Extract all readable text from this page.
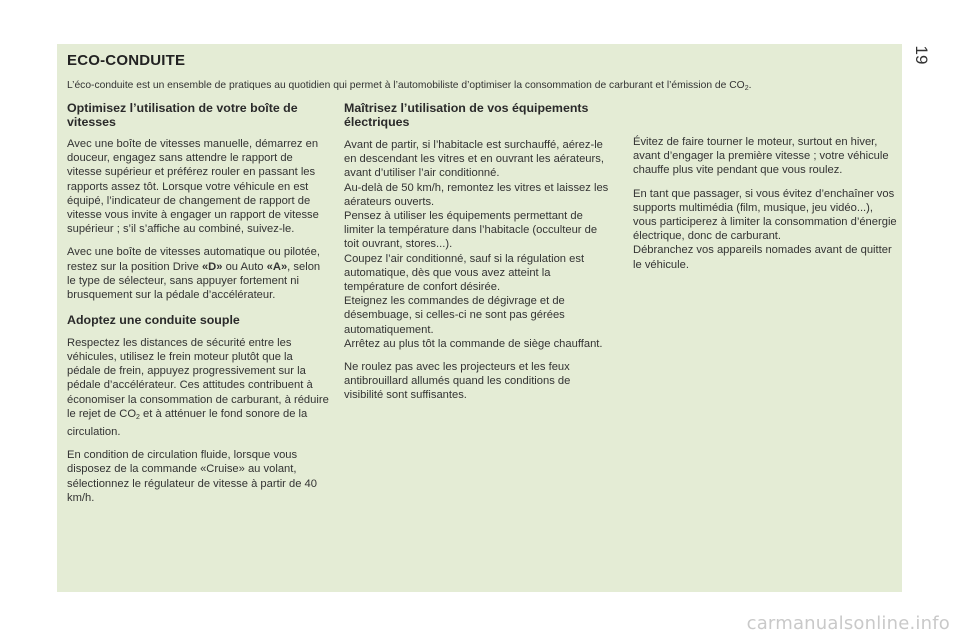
19
ECO-CONDUITE

L’éco-conduite est un ensemble de pratiques au quotidien qui permet à l’automobiliste d’optimiser la consommation de carburant et l’émission de $CO_2$.

Optimisez l’utilisation de votre boîte de vitesses

Avec une boîte de vitesses manuelle, démarrez en douceur, engagez sans attendre le rapport de vitesse supérieur et préférez rouler en passant les rapports assez tôt. Lorsque votre véhicule en est équipé, l’indicateur de changement de rapport de vitesse vous invite à engager un rapport de vitesse supérieur ; s’il s’affiche au combiné, suivez-le.

Avec une boîte de vitesses automatique ou pilotée, restez sur la position Drive «D» ou Auto «A», selon le type de sélecteur, sans appuyer fortement ni brusquement sur la pédale d’accélérateur.

Adoptez une conduite souple

Respectez les distances de sécurité entre les véhicules, utilisez le frein moteur plutôt que la pédale de frein, appuyez progressivement sur la pédale d’accélérateur. Ces attitudes contribuent à économiser la consommation de carburant, à réduire le rejet de $CO_2$ et à atténuer le fond sonore de la circulation.

En condition de circulation fluide, lorsque vous disposez de la commande «Cruise» au volant, sélectionnez le régulateur de vitesse à partir de 40 km/h.

Maîtrisez l’utilisation de vos équipements électriques
Avant de partir, si l’habitacle est surchauffé, aérez-le en descendant les vitres et en ouvrant les aérateurs, avant d’utiliser l’air conditionné.
Au-delà de 50 km/h, remontez les vitres et laissez les aérateurs ouverts.
Pensez à utiliser les équipements permettant de limiter la température dans l’habitacle (occulteur de toit ouvrant, stores...).
Coupez l’air conditionné, sauf si la régulation est automatique, dès que vous avez atteint la température de confort désirée.
Eteignez les commandes de dégivrage et de désembuage, si celles-ci ne sont pas gérées automatiquement.
Arrêtez au plus tôt la commande de siège chauffant.

Ne roulez pas avec les projecteurs et les feux antibrouillard allumés quand les conditions de visibilité sont suffisantes.

Évitez de faire tourner le moteur, surtout en hiver, avant d’engager la première vitesse ; votre véhicule chauffe plus vite pendant que vous roulez.

En tant que passager, si vous évitez d’enchaîner vos supports multimédia (film, musique, jeu vidéo...), vous participerez à limiter la consommation d’énergie électrique, donc de carburant.
Débranchez vos appareils nomades avant de quitter le véhicule.
carmanualsonline.info
